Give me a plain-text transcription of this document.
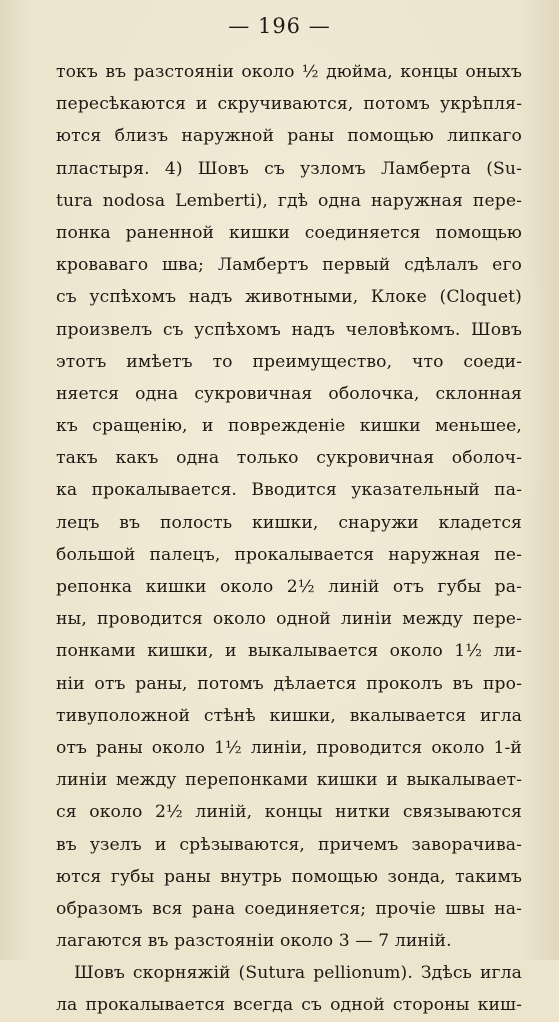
— 196 —
токъ въ разстоянiи около ½ дюйма, концы оныхъ
пересѣкаются и скручиваются, потомъ укрѣпля-
ются близъ наружной раны помощью липкаго
пластыря. 4) Шовъ съ узломъ Ламберта (Su-
tura nodosa Lemberti), гдѣ одна наружная пере-
понка раненной кишки соединяется помощью
кроваваго шва; Ламбертъ первый сдѣлалъ его
съ успѣхомъ надъ животными, Клоке (Cloquet)
произвелъ съ успѣхомъ надъ человѣкомъ. Шовъ
этотъ имѣетъ то преимущество, что соеди-
няется одна сукровичная оболочка, склонная
къ сращенiю, и поврежденiе кишки меньшее,
такъ какъ одна только сукровичная оболоч-
ка прокалывается. Вводится указательный па-
лецъ въ полость кишки, снаружи кладется
большой палецъ, прокалывается наружная пе-
репонка кишки около 2½ линiй отъ губы ра-
ны, проводится около одной линiи между пере-
понками кишки, и выкалывается около 1½ ли-
нiи отъ раны, потомъ дѣлается проколъ въ про-
тивуположной стѣнѣ кишки, вкалывается игла
отъ раны около 1½ линiи, проводится около 1-й
линiи между перепонками кишки и выкалывает-
ся около 2½ линiй, концы нитки связываются
въ узелъ и срѣзываются, причемъ заворачива-
ются губы раны внутрь помощью зонда, такимъ
образомъ вся рана соединяется; прочiе швы на-
лагаются въ разстоянiи около 3 — 7 линiй.
Шовъ скорняжiй (Sutura pellionum). Здѣсь игла
ла прокалывается всегда съ одной стороны киш-
